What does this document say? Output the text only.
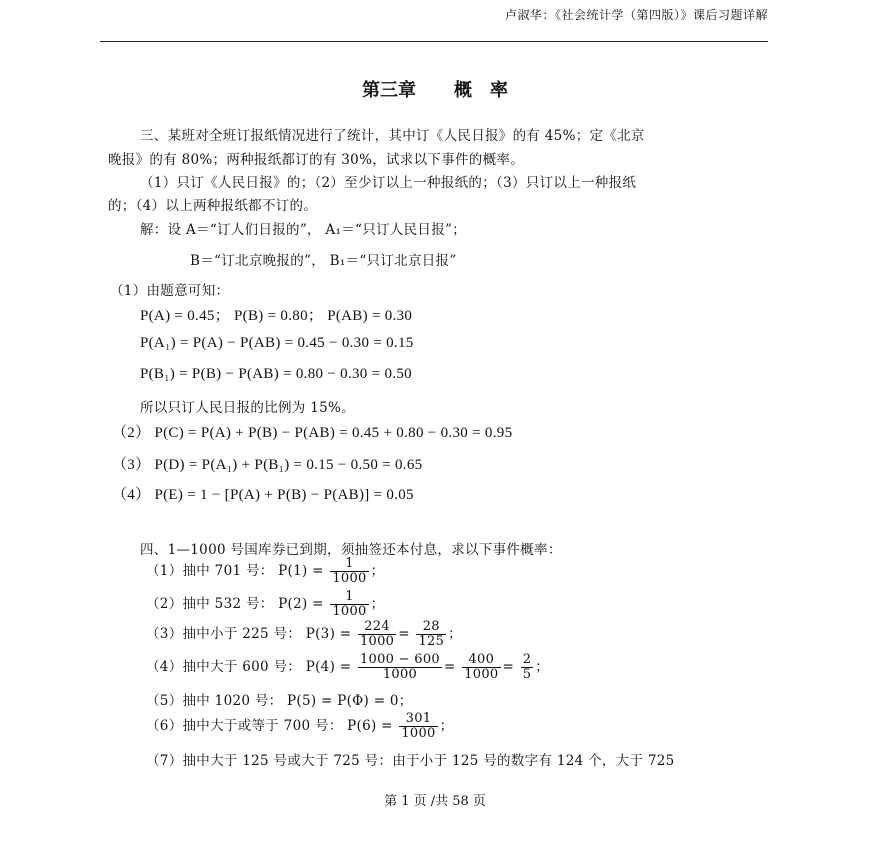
卢淑华：《社会统计学（第四版）》课后习题详解
第三章 概　率
三、某班对全班订报纸情况进行了统计，其中订《人民日报》的有 45%；定《北京
晚报》的有 80%；两种报纸都订的有 30%，试求以下事件的概率。
（1）只订《人民日报》的；（2）至少订以上一种报纸的；（3）只订以上一种报纸
的；（4）以上两种报纸都不订的。
解：设 A＝“订人们日报的”， A₁＝“只订人民日报”；
B＝“订北京晚报的”， B₁＝“只订北京日报”
（1）由题意可知：
P(A) = 0.45； P(B) = 0.80； P(AB) = 0.30
P(A₁) = P(A) − P(AB) = 0.45 − 0.30 = 0.15
P(B₁) = P(B) − P(AB) = 0.80 − 0.30 = 0.50
所以只订人民日报的比例为 15%。
（2） P(C) = P(A) + P(B) − P(AB) = 0.45 + 0.80 − 0.30 = 0.95
（3） P(D) = P(A₁) + P(B₁) = 0.15 − 0.50 = 0.65
（4） P(E) = 1 − [P(A) + P(B) − P(AB)] = 0.05
四、1—1000 号国库券已到期，须抽签还本付息，求以下事件概率：
（1）抽中 701 号： $P(1) = \frac{1}{1000}$ ；
（2）抽中 532 号： $P(2) = \frac{1}{1000}$ ；
（3）抽中小于 225 号： $P(3) = \frac{224}{1000} = \frac{28}{125}$ ；
（4）抽中大于 600 号： $P(4) = \frac{1000 - 600}{1000} = \frac{400}{1000} = \frac{2}{5}$ ；
（5）抽中 1020 号： P(5) = P(Φ) = 0；
（6）抽中大于或等于 700 号： $P(6) = \frac{301}{1000}$ ；
（7）抽中大于 125 号或大于 725 号：由于小于 125 号的数字有 124 个，大于 725
第 1 页 /共 58 页
